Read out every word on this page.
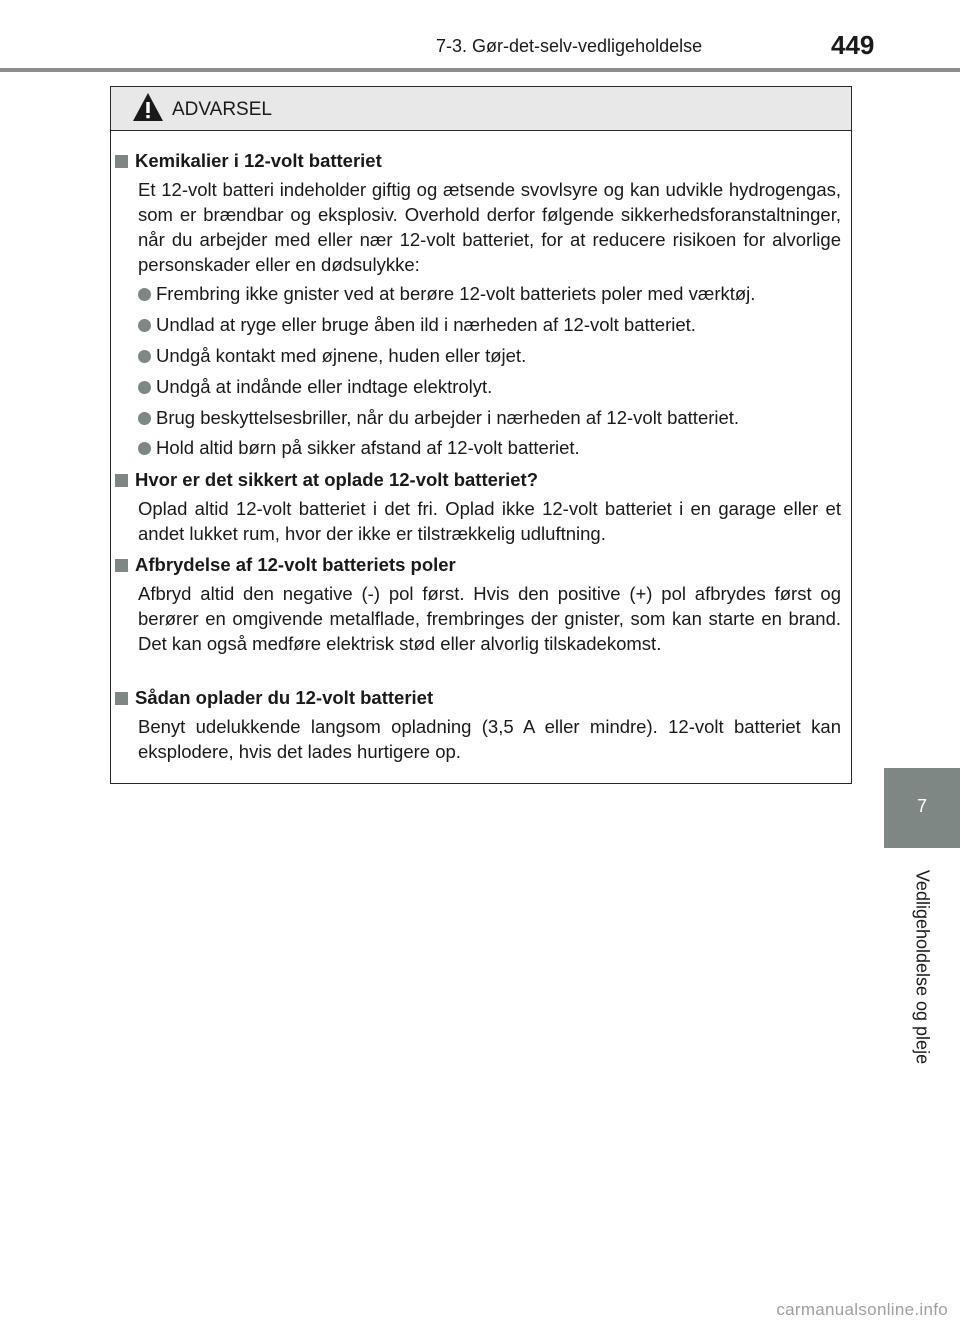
7-3. Gør-det-selv-vedligeholdelse	449
7
Vedligeholdelse og pleje
ADVARSEL
Kemikalier i 12-volt batteriet
Et 12-volt batteri indeholder giftig og ætsende svovlsyre og kan udvikle hydrogengas, som er brændbar og eksplosiv. Overhold derfor følgende sikkerhedsforanstaltninger, når du arbejder med eller nær 12-volt batteriet, for at reducere risikoen for alvorlige personskader eller en dødsulykke:
Frembring ikke gnister ved at berøre 12-volt batteriets poler med værktøj.
Undlad at ryge eller bruge åben ild i nærheden af 12-volt batteriet.
Undgå kontakt med øjnene, huden eller tøjet.
Undgå at indånde eller indtage elektrolyt.
Brug beskyttelsesbriller, når du arbejder i nærheden af 12-volt batteriet.
Hold altid børn på sikker afstand af 12-volt batteriet.
Hvor er det sikkert at oplade 12-volt batteriet?
Oplad altid 12-volt batteriet i det fri. Oplad ikke 12-volt batteriet i en garage eller et andet lukket rum, hvor der ikke er tilstrækkelig udluftning.
Afbrydelse af 12-volt batteriets poler
Afbryd altid den negative (-) pol først. Hvis den positive (+) pol afbrydes først og berører en omgivende metalflade, frembringes der gnister, som kan starte en brand. Det kan også medføre elektrisk stød eller alvorlig tilskadekomst.
Sådan oplader du 12-volt batteriet
Benyt udelukkende langsom opladning (3,5 A eller mindre). 12-volt batteriet kan eksplodere, hvis det lades hurtigere op.
carmanualsonline.info
